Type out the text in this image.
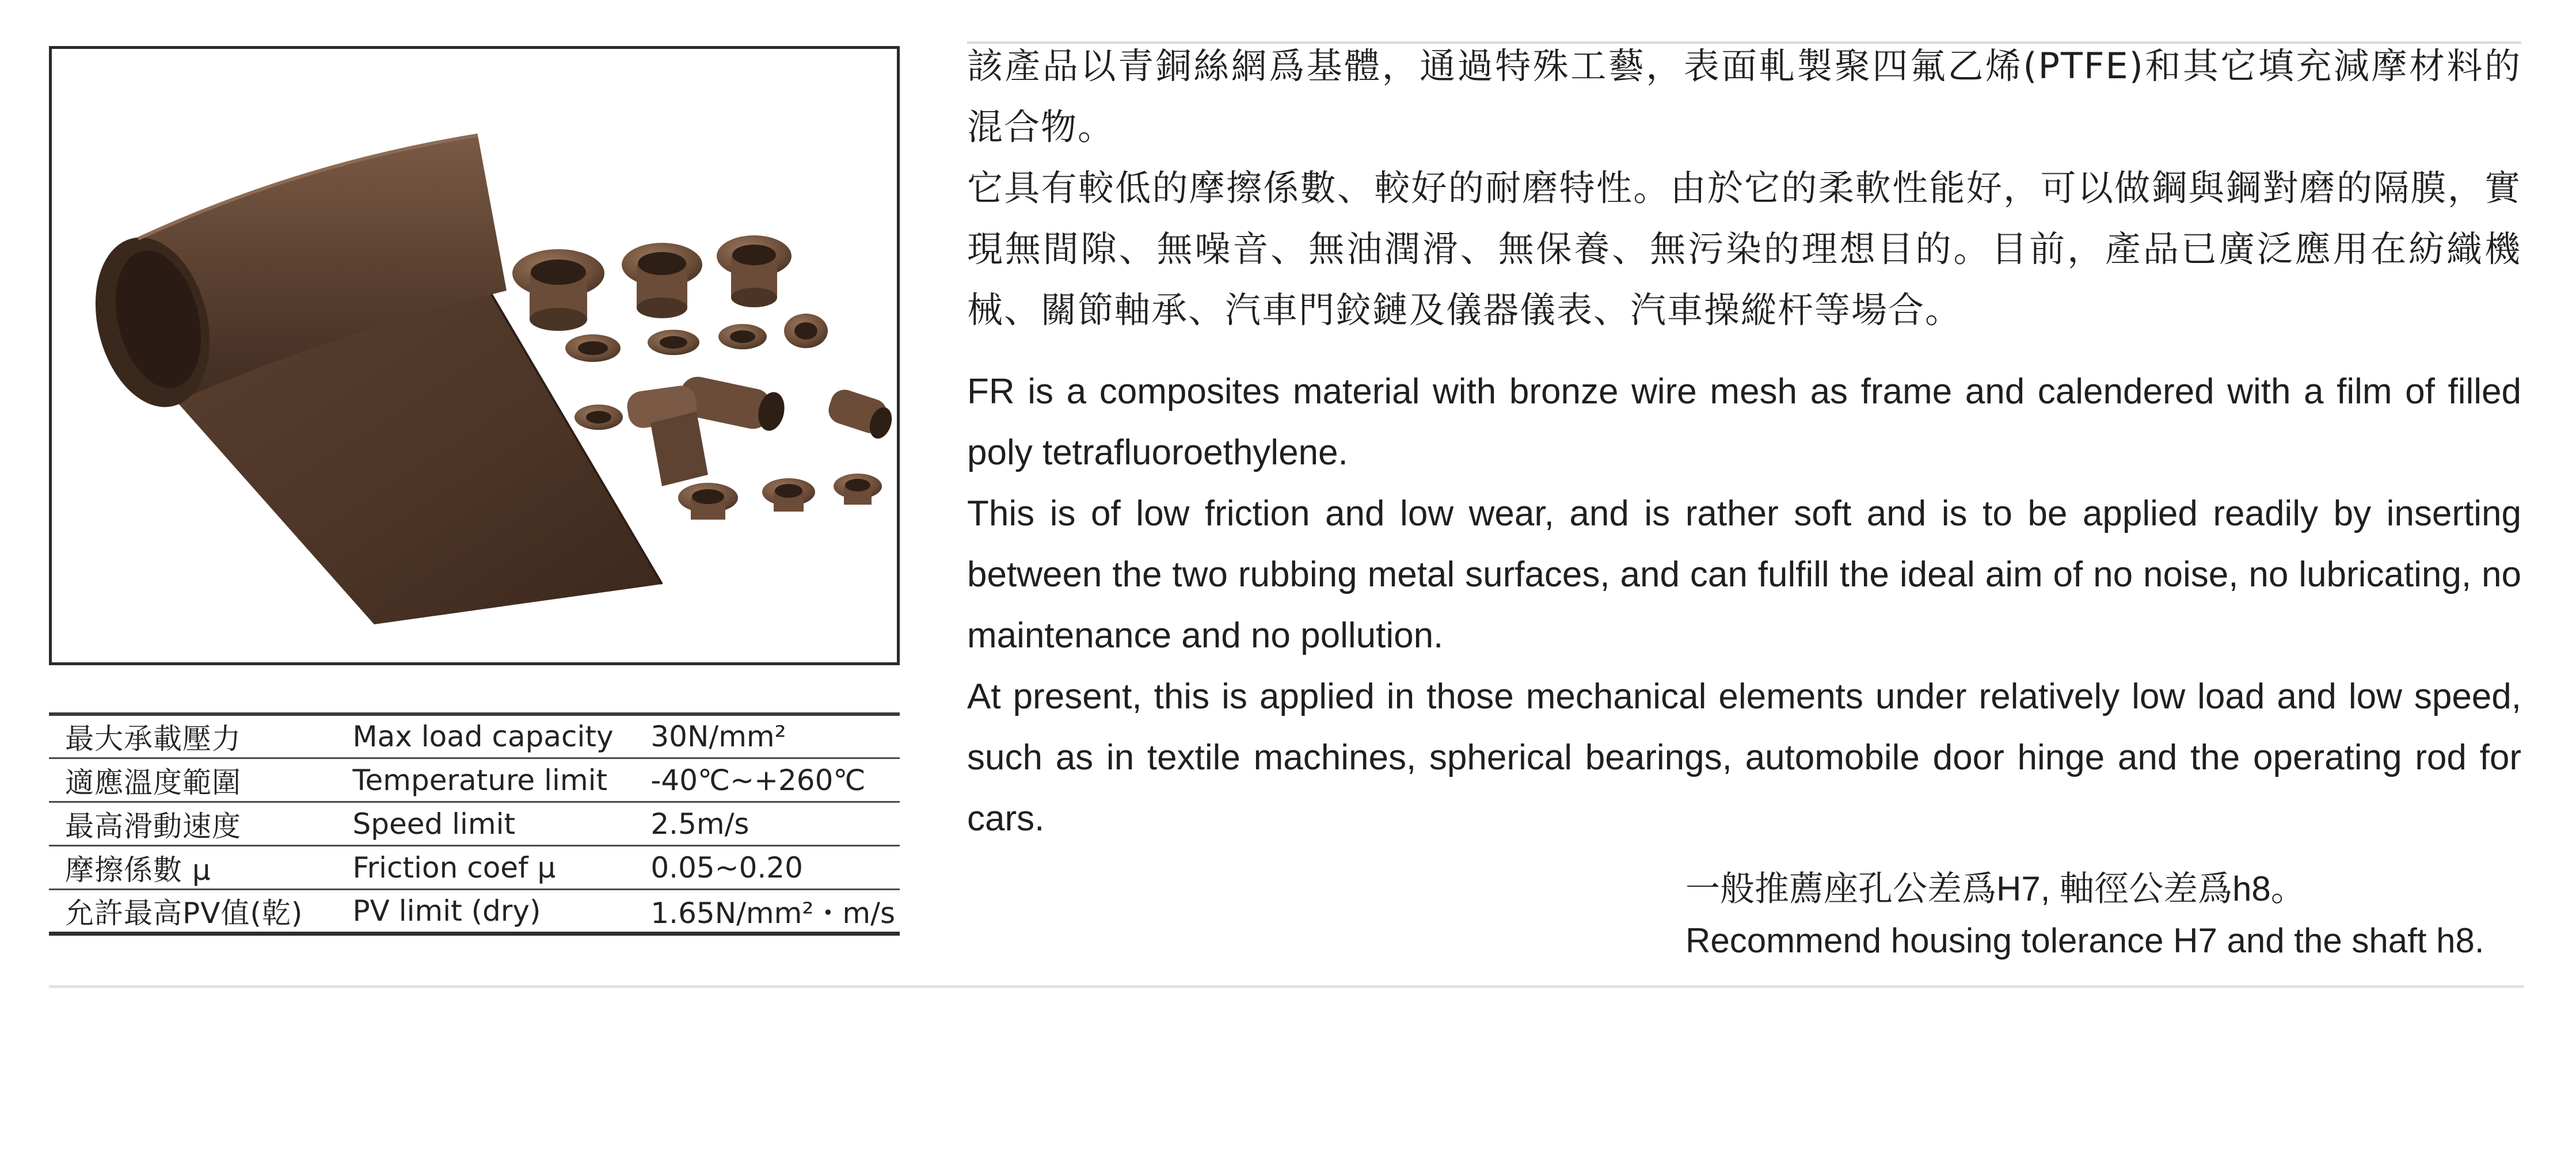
最大承載壓力	Max load capacity	30N/mm²
適應溫度範圍	Temperature limit	-40℃~+260℃
最高滑動速度	Speed limit	2.5m/s
摩擦係數 μ	Friction coef μ	0.05~0.20
允許最高PV值(乾)	PV limit (dry)	1.65N/mm²・m/s

該產品以青銅絲網爲基體，通過特殊工藝，表面軋製聚四氟乙烯(PTFE)和其它填充減摩材料的混合物。

它具有較低的摩擦係數、較好的耐磨特性。由於它的柔軟性能好，可以做鋼與鋼對磨的隔膜，實現無間隙、無噪音、無油潤滑、無保養、無污染的理想目的。目前，產品已廣泛應用在紡織機械、關節軸承、汽車門鉸鏈及儀器儀表、汽車操縱杆等場合。

FR is a composites material with bronze wire mesh as frame and calendered with a film of filled poly tetrafluoroethylene.

This is of low friction and low wear, and is rather soft and is to be applied readily by inserting between the two rubbing metal surfaces, and can fulfill the ideal aim of no noise, no lubricating, no maintenance and no pollution.

At present, this is applied in those mechanical elements under relatively low load and low speed, such as in textile machines, spherical bearings, automobile door hinge and the operating rod for cars.

一般推薦座孔公差爲H7, 軸徑公差爲h8。
Recommend housing tolerance H7 and the shaft h8.
